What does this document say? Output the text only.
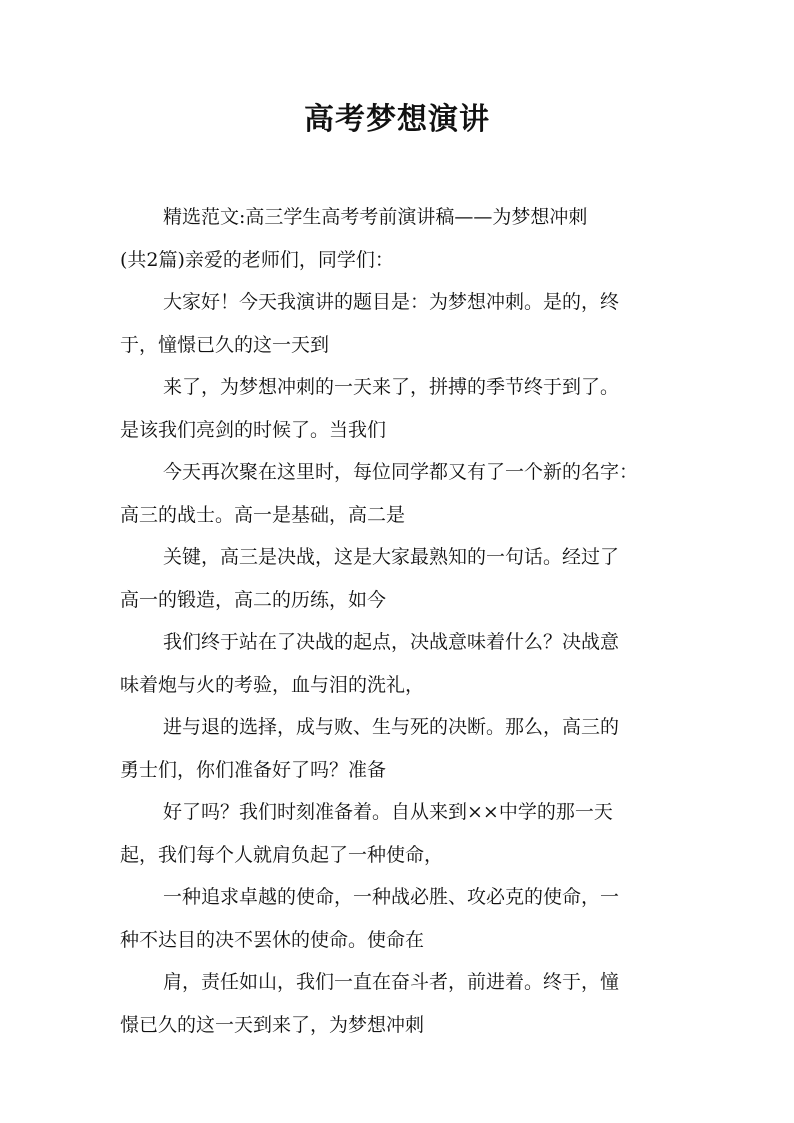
高考梦想演讲

精选范文:高三学生高考考前演讲稿——为梦想冲刺
(共2篇)亲爱的老师们，同学们：

大家好！今天我演讲的题目是：为梦想冲刺。是的，终
于，憧憬已久的这一天到

来了，为梦想冲刺的一天来了，拼搏的季节终于到了。
是该我们亮剑的时候了。当我们

今天再次聚在这里时，每位同学都又有了一个新的名字：
高三的战士。高一是基础，高二是

关键，高三是决战，这是大家最熟知的一句话。经过了
高一的锻造，高二的历练，如今

我们终于站在了决战的起点，决战意味着什么？决战意
味着炮与火的考验，血与泪的洗礼，

进与退的选择，成与败、生与死的决断。那么，高三的
勇士们，你们准备好了吗？准备

好了吗？我们时刻准备着。自从来到××中学的那一天
起，我们每个人就肩负起了一种使命，

一种追求卓越的使命，一种战必胜、攻必克的使命，一
种不达目的决不罢休的使命。使命在

肩，责任如山，我们一直在奋斗者，前进着。终于，憧
憬已久的这一天到来了，为梦想冲刺
